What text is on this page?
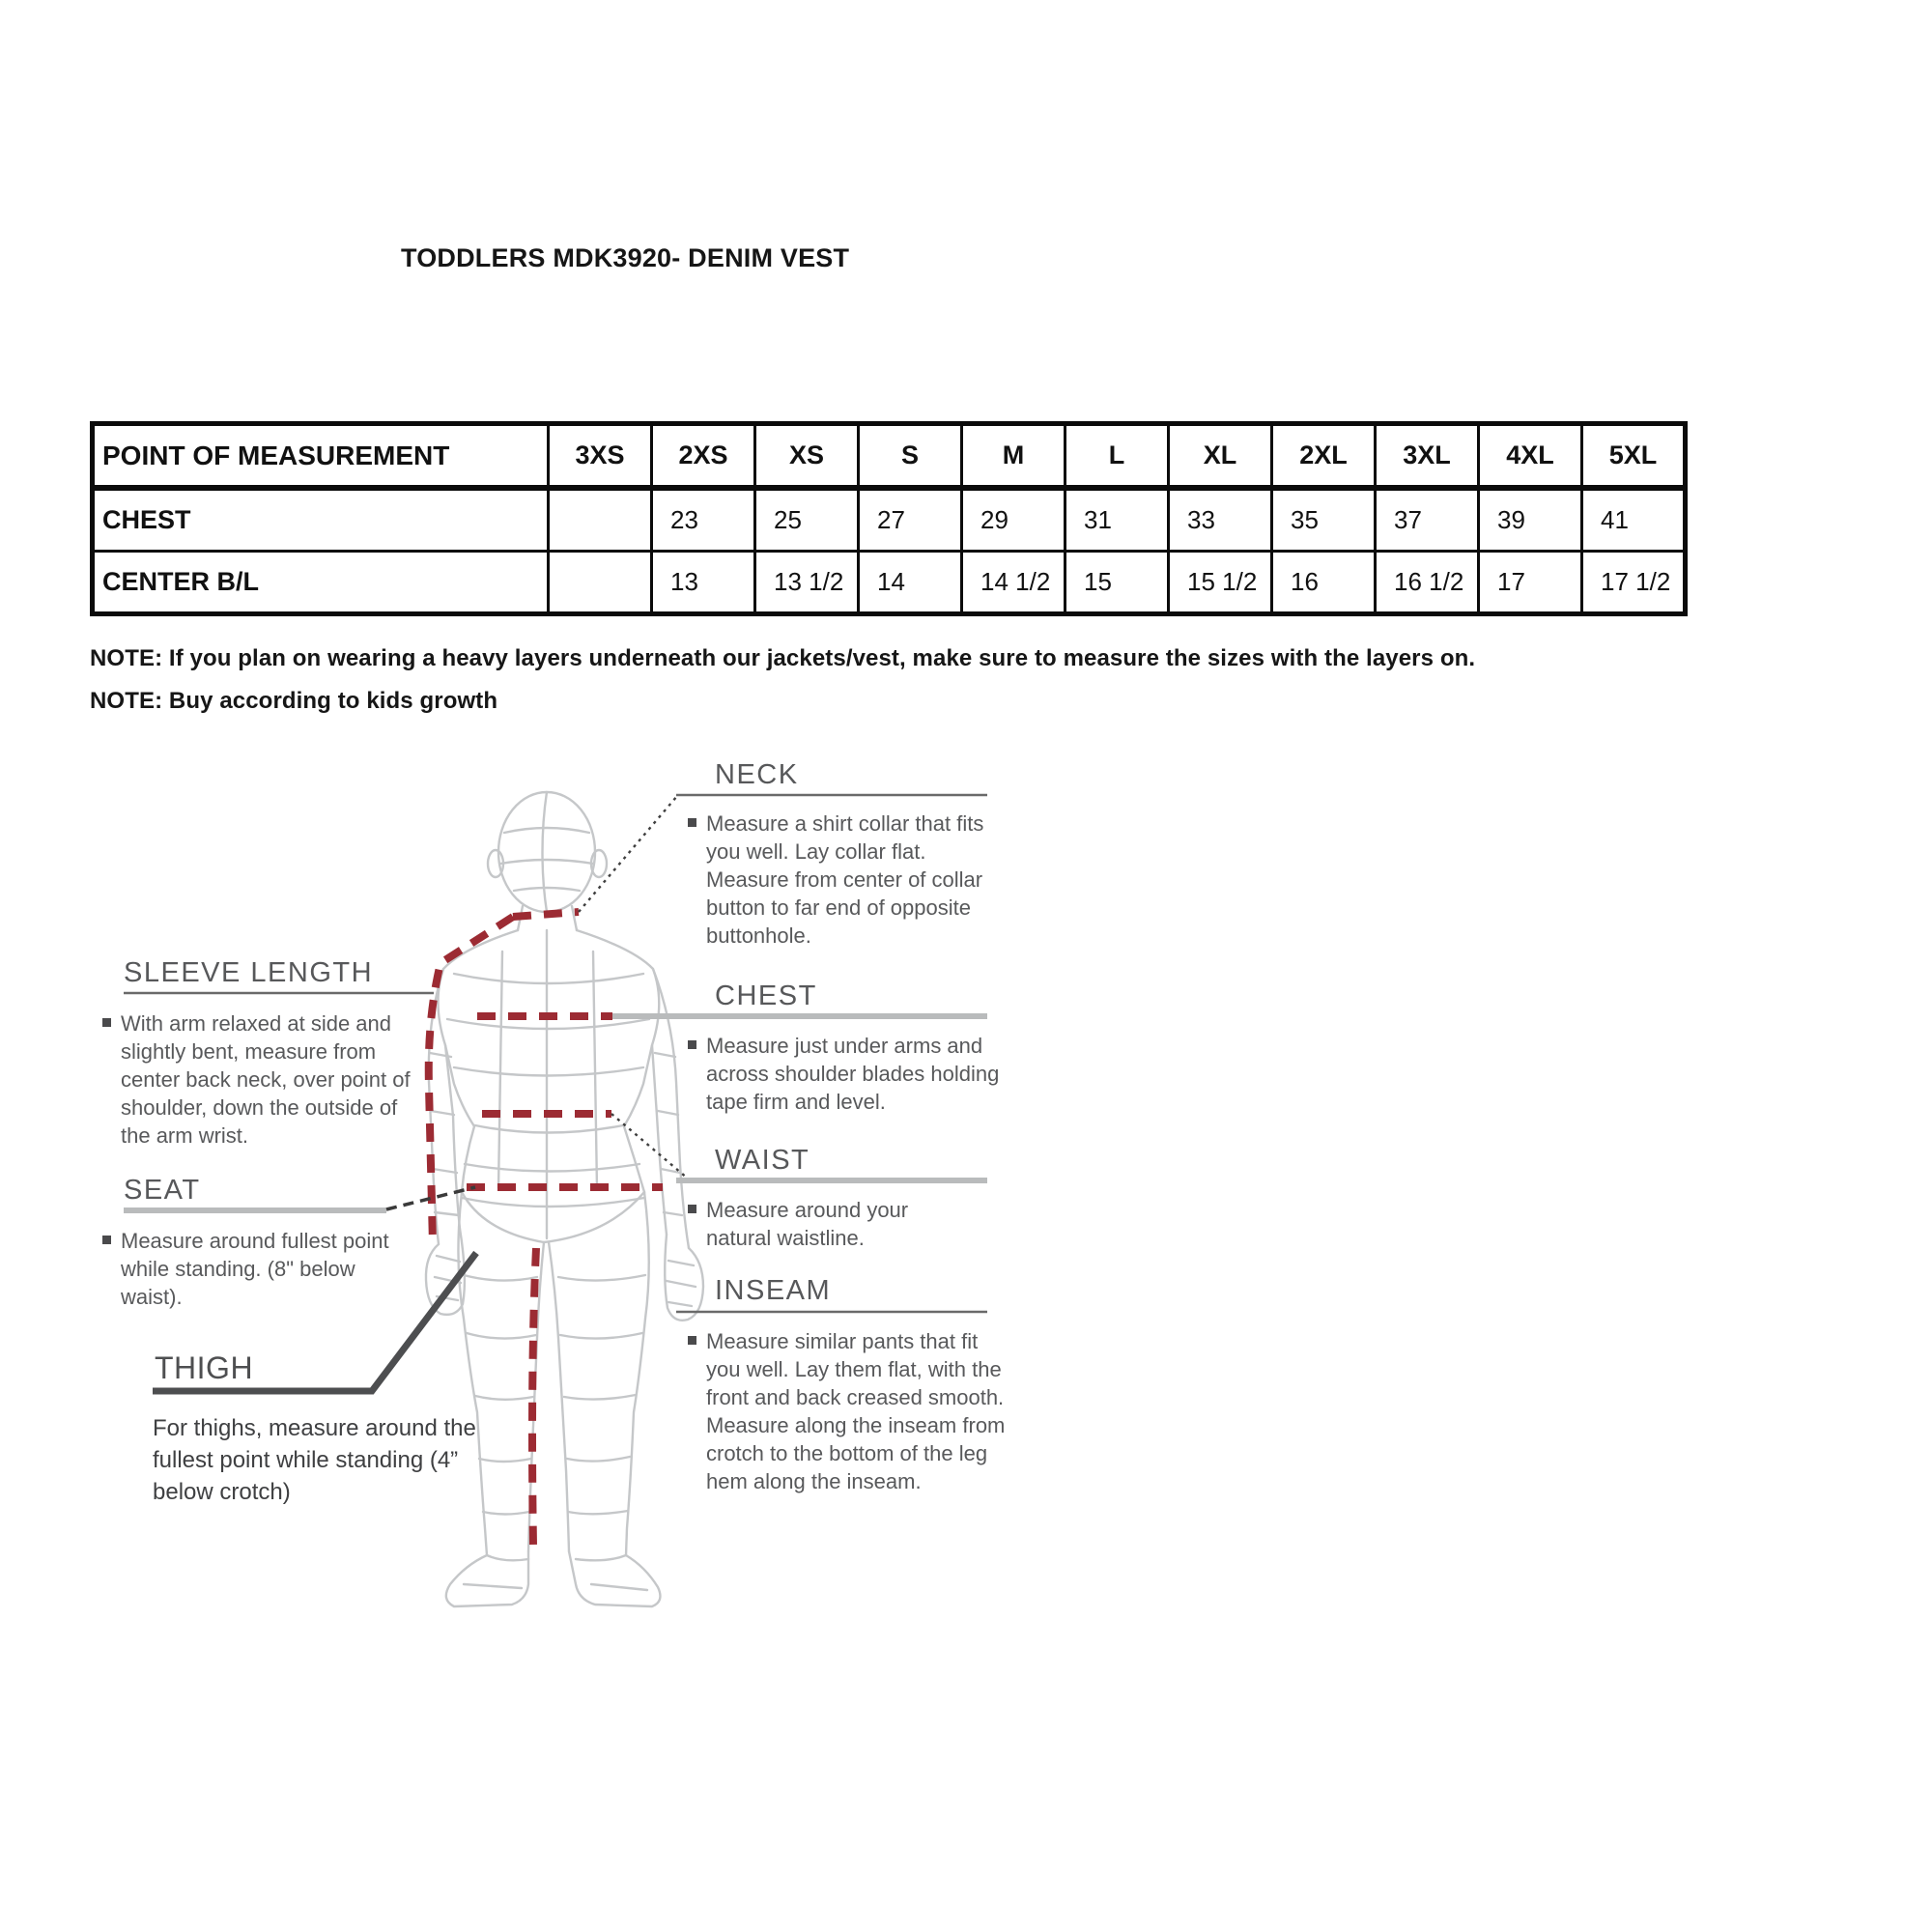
TODDLERS MDK3920- DENIM VEST
POINT OF MEASUREMENT	3XS	2XS	XS	S	M	L	XL	2XL	3XL	4XL	5XL
CHEST		23	25	27	29	31	33	35	37	39	41
CENTER B/L		13	13 1/2	14	14 1/2	15	15 1/2	16	16 1/2	17	17 1/2
NOTE: If you plan on wearing a heavy layers underneath our jackets/vest, make sure to measure the sizes with the layers on.
NOTE: Buy according to kids growth
NECK
Measure a shirt collar that fits you well. Lay collar flat. Measure from center of collar button to far end of opposite buttonhole.
SLEEVE LENGTH
With arm relaxed at side and slightly bent, measure from center back neck, over point of shoulder, down the outside of the arm wrist.
CHEST
Measure just under arms and across shoulder blades holding tape firm and level.
SEAT
Measure around fullest point while standing. (8" below waist).
WAIST
Measure around your natural waistline.
THIGH
For thighs, measure around the fullest point while standing (4” below crotch)
INSEAM
Measure similar pants that fit you well. Lay them flat, with the front and back creased smooth. Measure along the inseam from crotch to the bottom of the leg hem along the inseam.
